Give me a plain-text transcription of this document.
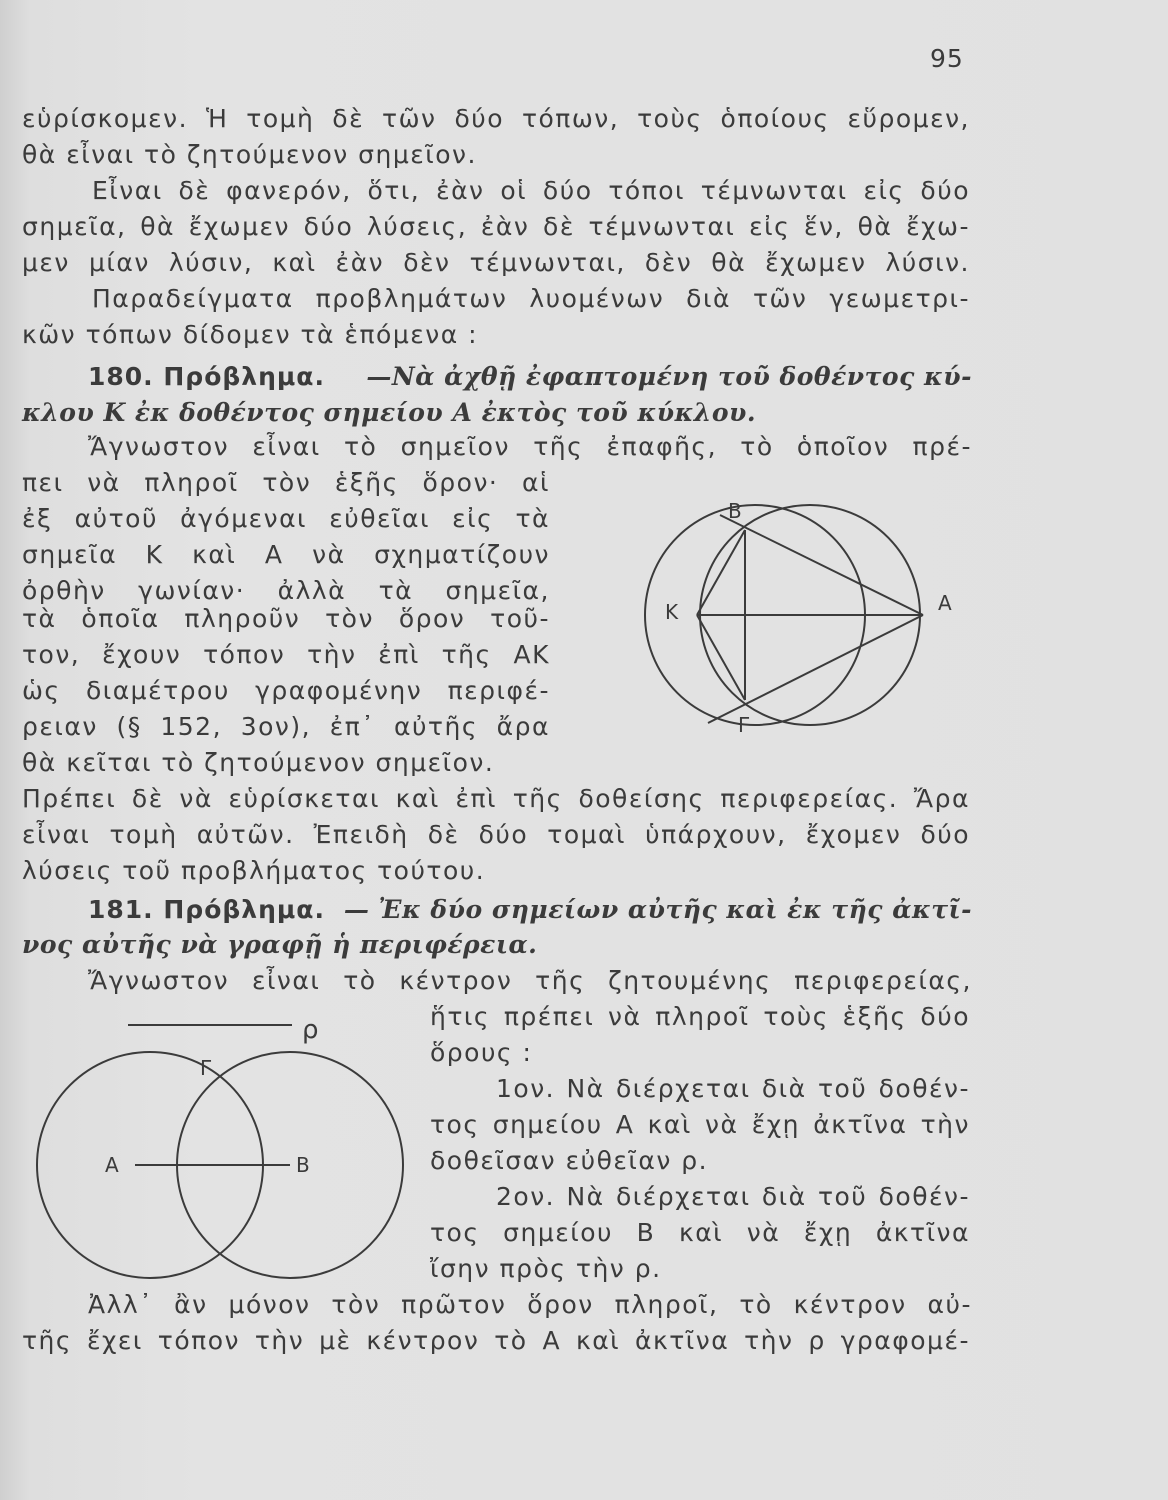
95
εὑρίσκομεν. Ἡ τομὴ δὲ τῶν δύο τόπων, τοὺς ὁποίους εὕρομεν,
θὰ εἶναι τὸ ζητούμενον σημεῖον.
Εἶναι δὲ φανερόν, ὅτι, ἐὰν οἱ δύο τόποι τέμνωνται εἰς δύο
σημεῖα, θὰ ἔχωμεν δύο λύσεις, ἐὰν δὲ τέμνωνται εἰς ἕν, θὰ ἔχω-
μεν μίαν λύσιν, καὶ ἐὰν δὲν τέμνωνται, δὲν θὰ ἔχωμεν λύσιν.
Παραδείγματα προβλημάτων λυομένων διὰ τῶν γεωμετρι-
κῶν τόπων δίδομεν τὰ ἑπόμενα :
180. Πρόβλημα. —Νὰ ἀχθῇ ἐφαπτομένη τοῦ δοθέντος κύ-
κλου Κ ἐκ δοθέντος σημείου Α ἐκτὸς τοῦ κύκλου.
Ἄγνωστον εἶναι τὸ σημεῖον τῆς ἐπαφῆς, τὸ ὁποῖον πρέ-
πει νὰ πληροῖ τὸν ἑξῆς ὅρον· αἱ
ἐξ αὐτοῦ ἀγόμεναι εὐθεῖαι εἰς τὰ
σημεῖα Κ καὶ Α νὰ σχηματίζουν
ὀρθὴν γωνίαν· ἀλλὰ τὰ σημεῖα,
τὰ ὁποῖα πληροῦν τὸν ὅρον τοῦ-
τον, ἔχουν τόπον τὴν ἐπὶ τῆς ΑΚ
ὡς διαμέτρου γραφομένην περιφέ-
ρειαν (§ 152, 3ον), ἐπ᾿ αὐτῆς ἄρα
θὰ κεῖται τὸ ζητούμενον σημεῖον.
Πρέπει δὲ νὰ εὑρίσκεται καὶ ἐπὶ τῆς δοθείσης περιφερείας. Ἄρα
εἶναι τομὴ αὐτῶν. Ἐπειδὴ δὲ δύο τομαὶ ὑπάρχουν, ἔχομεν δύο
λύσεις τοῦ προβλήματος τούτου.
Β
Κ	Α
Γ
181. Πρόβλημα. — Ἐκ δύο σημείων αὐτῆς καὶ ἐκ τῆς ἀκτῖ-
νος αὐτῆς νὰ γραφῇ ἡ περιφέρεια.
Ἄγνωστον εἶναι τὸ κέντρον τῆς ζητουμένης περιφερείας,
ἥτις πρέπει νὰ πληροῖ τοὺς ἑξῆς δύο
ὅρους :
1ον. Νὰ διέρχεται διὰ τοῦ δοθέν-
τος σημείου Α καὶ νὰ ἔχῃ ἀκτῖνα τὴν
δοθεῖσαν εὐθεῖαν ρ.
2ον. Νὰ διέρχεται διὰ τοῦ δοθέν-
τος σημείου Β καὶ νὰ ἔχῃ ἀκτῖνα
ἴσην πρὸς τὴν ρ.
Ἀλλ᾿ ἂν μόνον τὸν πρῶτον ὅρον πληροῖ, τὸ κέντρον αὐ-
τῆς ἔχει τόπον τὴν μὲ κέντρον τὸ Α καὶ ἀκτῖνα τὴν ρ γραφομέ-
ρ
Γ
Α	Β
